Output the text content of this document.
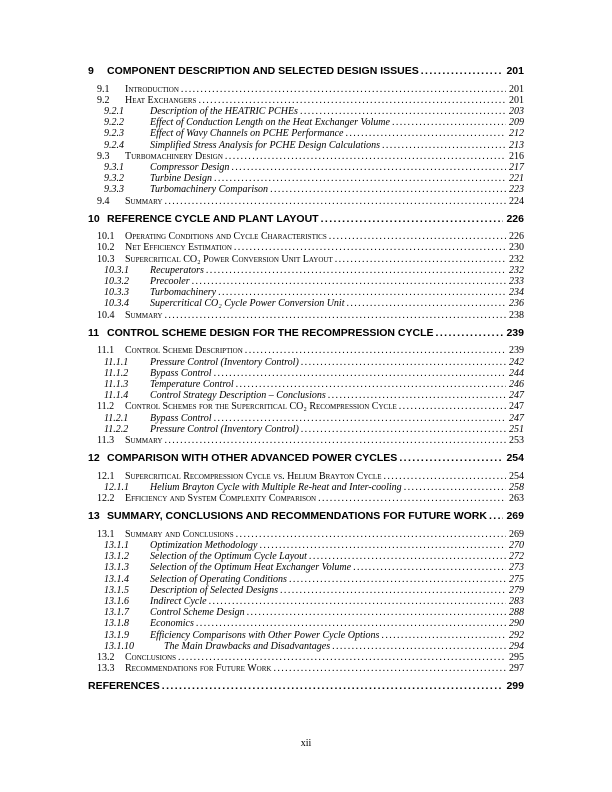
9	COMPONENT DESCRIPTION AND SELECTED DESIGN ISSUES .....	201
9.1	Introduction .....	201
9.2	Heat Exchangers .....	201
9.2.1	Description of the HEATRIC PCHEs .....	203
9.2.2	Effect of Conduction Length on the Heat Exchanger Volume .....	209
9.2.3	Effect of Wavy Channels on PCHE Performance .....	212
9.2.4	Simplified Stress Analysis for PCHE Design Calculations .....	213
9.3	Turbomachinery Design .....	216
9.3.1	Compressor Design .....	217
9.3.2	Turbine Design .....	221
9.3.3	Turbomachinery Comparison .....	223
9.4	Summary .....	224
10 REFERENCE CYCLE AND PLANT LAYOUT .....	226
10.1	Operating Conditions and Cycle Characteristics .....	226
10.2	Net Efficiency Estimation .....	230
10.3	Supercritical CO₂ Power Conversion Unit Layout .....	232
10.3.1	Recuperators .....	232
10.3.2	Precooler .....	233
10.3.3	Turbomachinery .....	234
10.3.4	Supercritical CO₂ Cycle Power Conversion Unit .....	236
10.4	Summary .....	238
11 CONTROL SCHEME DESIGN FOR THE RECOMPRESSION CYCLE .....	239
11.1	Control Scheme Description .....	239
11.1.1	Pressure Control (Inventory Control) .....	242
11.1.2	Bypass Control .....	244
11.1.3	Temperature Control .....	246
11.1.4	Control Strategy Description – Conclusions .....	247
11.2	Control Schemes for the Supercritical CO₂ Recompression Cycle .....	247
11.2.1	Bypass Control .....	247
11.2.2	Pressure Control (Inventory Control) .....	251
11.3	Summary .....	253
12 COMPARISON WITH OTHER ADVANCED POWER CYCLES .....	254
12.1	Supercritical Recompression Cycle vs. Helium Brayton Cycle .....	254
12.1.1	Helium Brayton Cycle with Multiple Re-heat and Inter-cooling .....	258
12.2	Efficiency and System Complexity Comparison .....	263
13 SUMMARY, CONCLUSIONS AND RECOMMENDATIONS FOR FUTURE WORK ..... 269
13.1	Summary and Conclusions .....	269
13.1.1	Optimization Methodology .....	270
13.1.2	Selection of the Optimum Cycle Layout .....	272
13.1.3	Selection of the Optimum Heat Exchanger Volume .....	273
13.1.4	Selection of Operating Conditions .....	275
13.1.5	Description of Selected Designs .....	279
13.1.6	Indirect Cycle .....	283
13.1.7	Control Scheme Design .....	288
13.1.8	Economics .....	290
13.1.9	Efficiency Comparisons with Other Power Cycle Options .....	292
13.1.10	The Main Drawbacks and Disadvantages .....	294
13.2	Conclusions .....	295
13.3	Recommendations for Future Work .....	297
REFERENCES .....	299
xii
